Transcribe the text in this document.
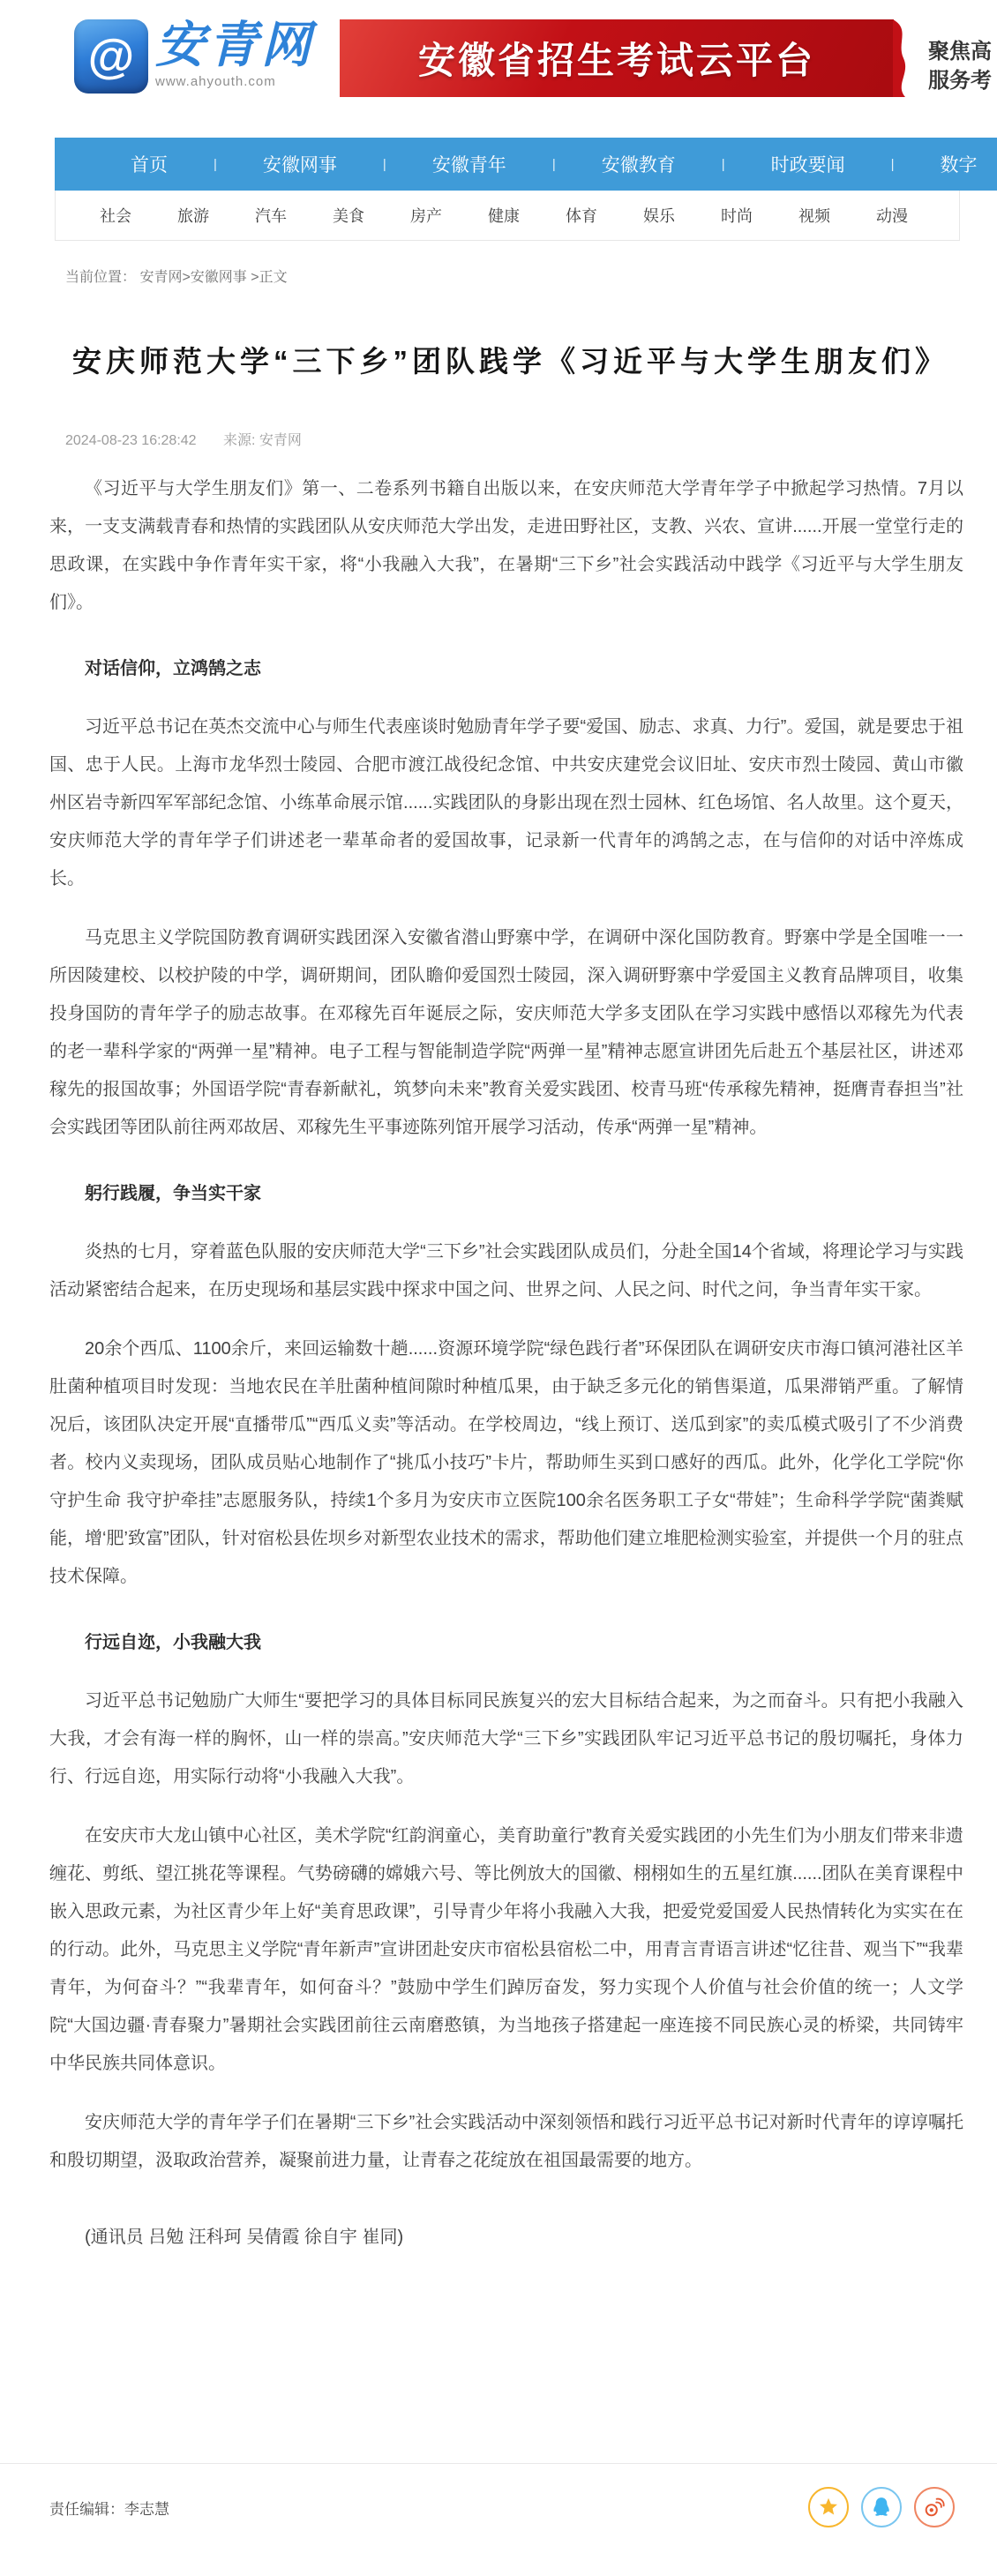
@ 安青网
www.ahyouth.com
安徽省招生考试云平台	聚焦高
服务考
首页	| 安徽网事	| 安徽青年	| 安徽教育	| 时政要闻	| 数字
社会	旅游	汽车	美食	房产	健康	体育	娱乐	时尚	视频	动漫
当前位置： 安青网>安徽网事 >正文
安庆师范大学“三下乡”团队践学《习近平与大学生朋友们》
2024-08-23 16:28:42 来源: 安青网

《习近平与大学生朋友们》第一、二卷系列书籍自出版以来，在安庆师范大学青年学子中掀起学习热情。7月以来，一支支满载青春和热情的实践团队从安庆师范大学出发，走进田野社区，支教、兴农、宣讲......开展一堂堂行走的思政课，在实践中争作青年实干家，将“小我融入大我”，在暑期“三下乡”社会实践活动中践学《习近平与大学生朋友们》。

对话信仰，立鸿鹄之志

习近平总书记在英杰交流中心与师生代表座谈时勉励青年学子要“爱国、励志、求真、力行”。爱国，就是要忠于祖国、忠于人民。上海市龙华烈士陵园、合肥市渡江战役纪念馆、中共安庆建党会议旧址、安庆市烈士陵园、黄山市徽州区岩寺新四军军部纪念馆、小练革命展示馆......实践团队的身影出现在烈士园林、红色场馆、名人故里。这个夏天，安庆师范大学的青年学子们讲述老一辈革命者的爱国故事，记录新一代青年的鸿鹄之志，在与信仰的对话中淬炼成长。

马克思主义学院国防教育调研实践团深入安徽省潜山野寨中学，在调研中深化国防教育。野寨中学是全国唯一一所因陵建校、以校护陵的中学，调研期间，团队瞻仰爱国烈士陵园，深入调研野寨中学爱国主义教育品牌项目，收集投身国防的青年学子的励志故事。在邓稼先百年诞辰之际，安庆师范大学多支团队在学习实践中感悟以邓稼先为代表的老一辈科学家的“两弹一星”精神。电子工程与智能制造学院“两弹一星”精神志愿宣讲团先后赴五个基层社区，讲述邓稼先的报国故事；外国语学院“青春新献礼，筑梦向未来”教育关爱实践团、校青马班“传承稼先精神，挺膺青春担当”社会实践团等团队前往两邓故居、邓稼先生平事迹陈列馆开展学习活动，传承“两弹一星”精神。

躬行践履，争当实干家

炎热的七月，穿着蓝色队服的安庆师范大学“三下乡”社会实践团队成员们，分赴全国14个省域，将理论学习与实践活动紧密结合起来，在历史现场和基层实践中探求中国之问、世界之问、人民之问、时代之问，争当青年实干家。

20余个西瓜、1100余斤，来回运输数十趟......资源环境学院“绿色践行者”环保团队在调研安庆市海口镇河港社区羊肚菌种植项目时发现：当地农民在羊肚菌种植间隙时种植瓜果，由于缺乏多元化的销售渠道，瓜果滞销严重。了解情况后，该团队决定开展“直播带瓜”“西瓜义卖”等活动。在学校周边，“线上预订、送瓜到家”的卖瓜模式吸引了不少消费者。校内义卖现场，团队成员贴心地制作了“挑瓜小技巧”卡片，帮助师生买到口感好的西瓜。此外，化学化工学院“你守护生命 我守护牵挂”志愿服务队，持续1个多月为安庆市立医院100余名医务职工子女“带娃”；生命科学学院“菌粪赋能，增‘肥’致富”团队，针对宿松县佐坝乡对新型农业技术的需求，帮助他们建立堆肥检测实验室，并提供一个月的驻点技术保障。

行远自迩，小我融大我

习近平总书记勉励广大师生“要把学习的具体目标同民族复兴的宏大目标结合起来，为之而奋斗。只有把小我融入大我，才会有海一样的胸怀，山一样的崇高。”安庆师范大学“三下乡”实践团队牢记习近平总书记的殷切嘱托，身体力行、行远自迩，用实际行动将“小我融入大我”。

在安庆市大龙山镇中心社区，美术学院“红韵润童心，美育助童行”教育关爱实践团的小先生们为小朋友们带来非遗缠花、剪纸、望江挑花等课程。气势磅礴的嫦娥六号、等比例放大的国徽、栩栩如生的五星红旗......团队在美育课程中嵌入思政元素，为社区青少年上好“美育思政课”，引导青少年将小我融入大我，把爱党爱国爱人民热情转化为实实在在的行动。此外，马克思主义学院“青年新声”宣讲团赴安庆市宿松县宿松二中，用青言青语言讲述“忆往昔、观当下”“我辈青年，为何奋斗？”“我辈青年，如何奋斗？”鼓励中学生们踔厉奋发，努力实现个人价值与社会价值的统一；人文学院“大国边疆·青春聚力”暑期社会实践团前往云南磨憨镇，为当地孩子搭建起一座连接不同民族心灵的桥梁，共同铸牢中华民族共同体意识。

安庆师范大学的青年学子们在暑期“三下乡”社会实践活动中深刻领悟和践行习近平总书记对新时代青年的谆谆嘱托和殷切期望，汲取政治营养，凝聚前进力量，让青春之花绽放在祖国最需要的地方。

(通讯员 吕勉 汪科珂 吴倩霞 徐自宇 崔同)

责任编辑：李志慧
